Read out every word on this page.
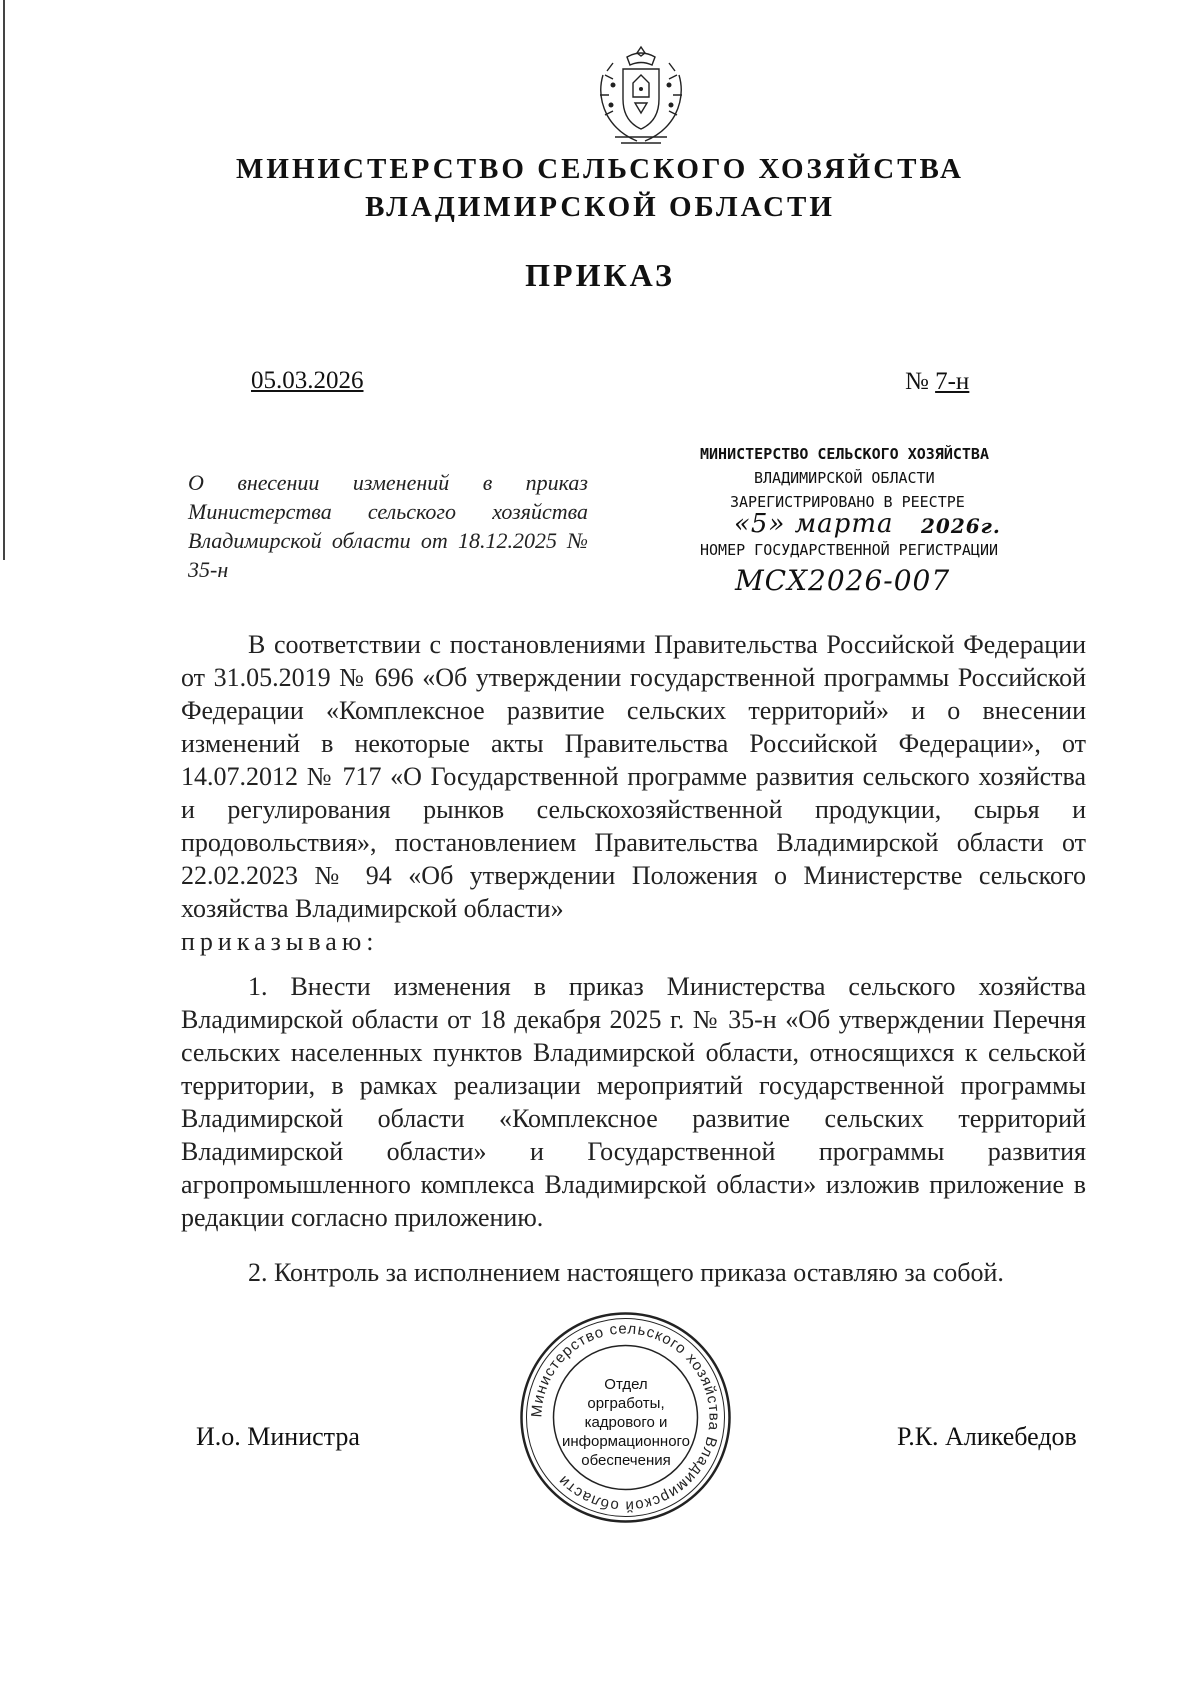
МИНИСТЕРСТВО СЕЛЬСКОГО ХОЗЯЙСТВА
ВЛАДИМИРСКОЙ ОБЛАСТИ
ПРИКАЗ
05.03.2026	№ 7-н
О внесении изменений в приказ Министерства сельского хозяйства Владимирской области от 18.12.2025 № 35-н
МИНИСТЕРСТВО СЕЛЬСКОГО ХОЗЯЙСТВА
ВЛАДИМИРСКОЙ ОБЛАСТИ
ЗАРЕГИСТРИРОВАНО В РЕЕСТРЕ
НОМЕР ГОСУДАРСТВЕННОЙ РЕГИСТРАЦИИ
«5» марта 2026г.
МСХ2026-007

В соответствии с постановлениями Правительства Российской Федерации от 31.05.2019 № 696 «Об утверждении государственной программы Российской Федерации «Комплексное развитие сельских территорий» и о внесении изменений в некоторые акты Правительства Российской Федерации», от 14.07.2012 № 717 «О Государственной программе развития сельского хозяйства и регулирования рынков сельскохозяйственной продукции, сырья и продовольствия», постановлением Правительства Владимирской области от 22.02.2023 № 94 «Об утверждении Положения о Министерстве сельского хозяйства Владимирской области»

приказываю:

1. Внести изменения в приказ Министерства сельского хозяйства Владимирской области от 18 декабря 2025 г. № 35-н «Об утверждении Перечня сельских населенных пунктов Владимирской области, относящихся к сельской территории, в рамках реализации мероприятий государственной программы Владимирской области «Комплексное развитие сельских территорий Владимирской области» и Государственной программы развития агропромышленного комплекса Владимирской области» изложив приложение в редакции согласно приложению.

2. Контроль за исполнением настоящего приказа оставляю за собой.

И.о. Министра	Р.К. Аликебедов
Министерство сельского хозяйства Владимирской области
Отдел
оргработы,
кадрового и
информационного
обеспечения
